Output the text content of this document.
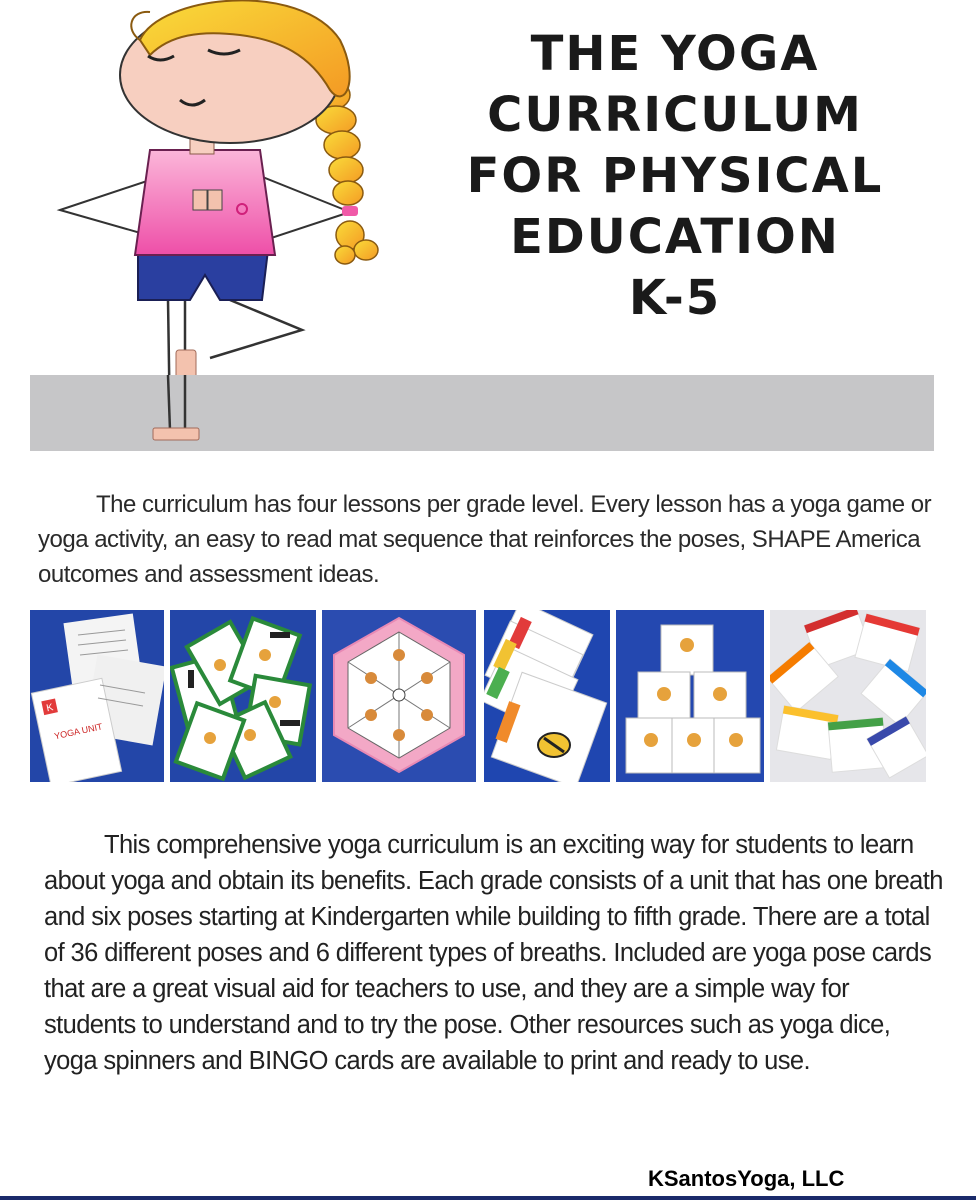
THE YOGA
CURRICULUM
FOR PHYSICAL
EDUCATION
K-5
The curriculum has four lessons per grade level. Every lesson has a yoga game or yoga activity, an easy to read mat sequence that reinforces the poses, SHAPE America outcomes and assessment ideas.
K
YOGA UNIT
This comprehensive yoga curriculum is an exciting way for students to learn about yoga and obtain its benefits. Each grade consists of a unit that has one breath and six poses starting at Kindergarten while building to fifth grade. There are a total of 36 different poses and 6 different types of breaths. Included are yoga pose cards that are a great visual aid for teachers to use, and they are a simple way for students to understand and to try the pose. Other resources such as yoga dice, yoga spinners and BINGO cards are available to print and ready to use.
KSantosYoga, LLC
